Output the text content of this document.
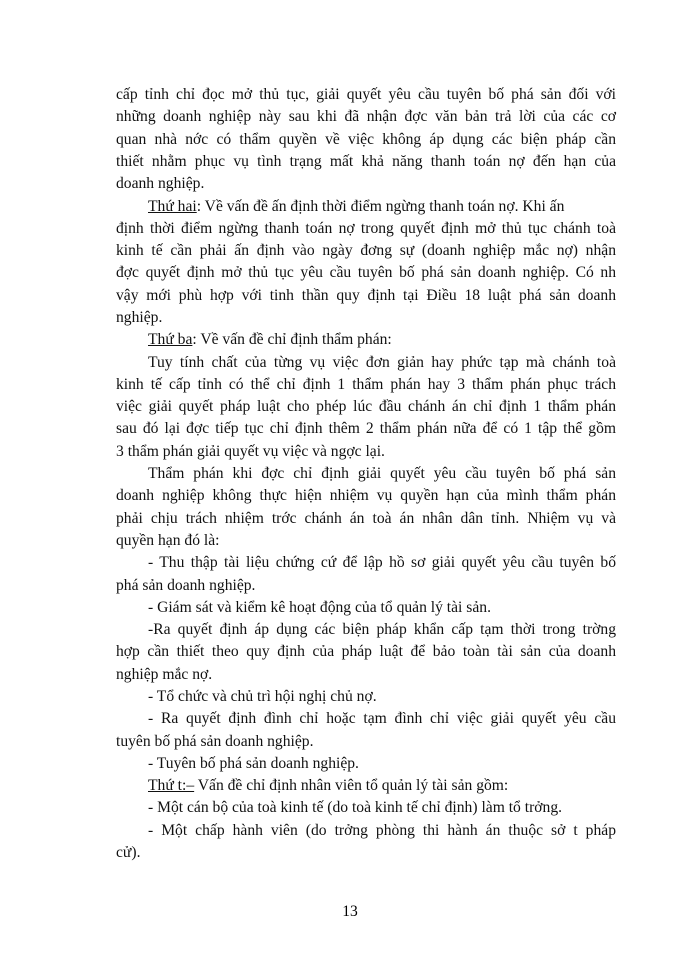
cấp tỉnh chỉ đọc mở thủ tục, giải quyết yêu cầu tuyên bố phá sản đối với
những doanh nghiệp này sau khi đã nhận đợc văn bản trả lời của các cơ
quan nhà nớc có thẩm quyền về việc không áp dụng các biện pháp cần
thiết nhằm phục vụ tình trạng mất khả năng thanh toán nợ đến hạn của
doanh nghiệp.
Thứ hai: Về vấn đề ấn định thời điểm ngừng thanh toán nợ. Khi ấn
định thời điểm ngừng thanh toán nợ trong quyết định mở thủ tục chánh toà
kinh tế cần phải ấn định vào ngày đơng sự (doanh nghiệp mắc nợ) nhận
đợc quyết định mở thủ tục yêu cầu tuyên bố phá sản doanh nghiệp. Có nh
vậy mới phù hợp với tinh thần quy định tại Điều 18 luật phá sản doanh
nghiệp.
Thứ ba: Về vấn đề chỉ định thẩm phán:
Tuy tính chất của từng vụ việc đơn giản hay phức tạp mà chánh toà
kinh tế cấp tỉnh có thể chỉ định 1 thẩm phán hay 3 thẩm phán phục trách
việc giải quyết pháp luật cho phép lúc đầu chánh án chỉ định 1 thẩm phán
sau đó lại đợc tiếp tục chỉ định thêm 2 thẩm phán nữa để có 1 tập thể gồm
3 thẩm phán giải quyết vụ việc và ngợc lại.
Thẩm phán khi đợc chỉ định giải quyết yêu cầu tuyên bố phá sản
doanh nghiệp không thực hiện nhiệm vụ quyền hạn của mình thẩm phán
phải chịu trách nhiệm trớc chánh án toà án nhân dân tỉnh. Nhiệm vụ và
quyền hạn đó là:
- Thu thập tài liệu chứng cứ để lập hồ sơ giải quyết yêu cầu tuyên bố
phá sản doanh nghiệp.
- Giám sát và kiểm kê hoạt động của tổ quản lý tài sản.
-Ra quyết định áp dụng các biện pháp khẩn cấp tạm thời trong trờng
hợp cần thiết theo quy định của pháp luật để bảo toàn tài sản của doanh
nghiệp mắc nợ.
- Tổ chức và chủ trì hội nghị chủ nợ.
- Ra quyết định đình chỉ hoặc tạm đình chỉ việc giải quyết yêu cầu
tuyên bố phá sản doanh nghiệp.
- Tuyên bố phá sản doanh nghiệp.
Thứ t:– Vấn đề chỉ định nhân viên tổ quản lý tài sản gồm:
- Một cán bộ của toà kinh tế (do toà kinh tế chỉ định) làm tổ trởng.
- Một chấp hành viên (do trởng phòng thi hành án thuộc sở t pháp
cử).
13
